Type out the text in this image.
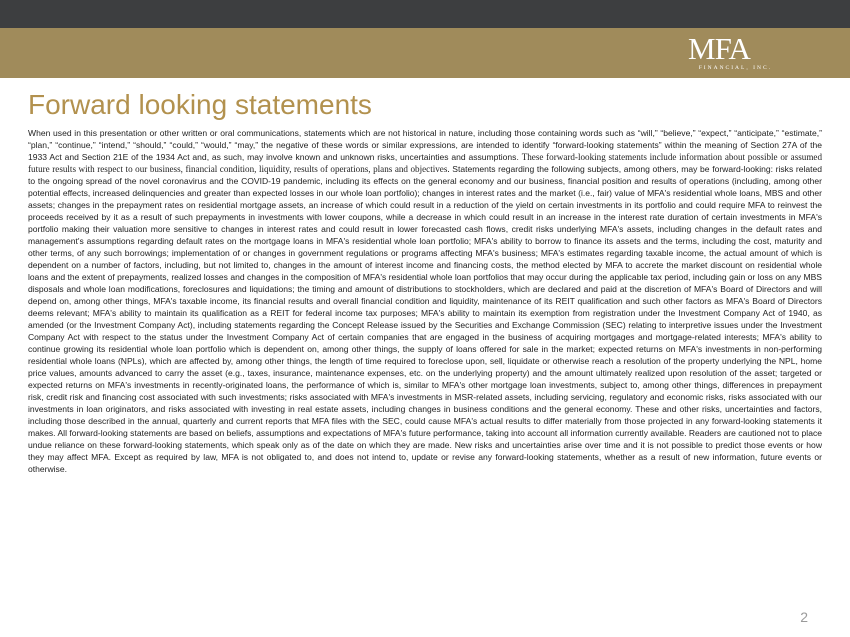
MFA
FINANCIAL, INC.
Forward looking statements

When used in this presentation or other written or oral communications, statements which are not historical in nature, including those containing words such as “will,” “believe,” “expect,” “anticipate,” “estimate,” “plan,” “continue,” “intend,” “should,” “could,” “would,” “may,” the negative of these words or similar expressions, are intended to identify “forward-looking statements” within the meaning of Section 27A of the 1933 Act and Section 21E of the 1934 Act and, as such, may involve known and unknown risks, uncertainties and assumptions. These forward-looking statements include information about possible or assumed future results with respect to our business, financial condition, liquidity, results of operations, plans and objectives. Statements regarding the following subjects, among others, may be forward-looking: risks related to the ongoing spread of the novel coronavirus and the COVID-19 pandemic, including its effects on the general economy and our business, financial position and results of operations (including, among other potential effects, increased delinquencies and greater than expected losses in our whole loan portfolio); changes in interest rates and the market (i.e., fair) value of MFA's residential whole loans, MBS and other assets; changes in the prepayment rates on residential mortgage assets, an increase of which could result in a reduction of the yield on certain investments in its portfolio and could require MFA to reinvest the proceeds received by it as a result of such prepayments in investments with lower coupons, while a decrease in which could result in an increase in the interest rate duration of certain investments in MFA's portfolio making their valuation more sensitive to changes in interest rates and could result in lower forecasted cash flows, credit risks underlying MFA's assets, including changes in the default rates and management's assumptions regarding default rates on the mortgage loans in MFA's residential whole loan portfolio; MFA's ability to borrow to finance its assets and the terms, including the cost, maturity and other terms, of any such borrowings; implementation of or changes in government regulations or programs affecting MFA's business; MFA's estimates regarding taxable income, the actual amount of which is dependent on a number of factors, including, but not limited to, changes in the amount of interest income and financing costs, the method elected by MFA to accrete the market discount on residential whole loans and the extent of prepayments, realized losses and changes in the composition of MFA's residential whole loan portfolios that may occur during the applicable tax period, including gain or loss on any MBS disposals and whole loan modifications, foreclosures and liquidations; the timing and amount of distributions to stockholders, which are declared and paid at the discretion of MFA's Board of Directors and will depend on, among other things, MFA's taxable income, its financial results and overall financial condition and liquidity, maintenance of its REIT qualification and such other factors as MFA's Board of Directors deems relevant; MFA's ability to maintain its qualification as a REIT for federal income tax purposes; MFA's ability to maintain its exemption from registration under the Investment Company Act of 1940, as amended (or the Investment Company Act), including statements regarding the Concept Release issued by the Securities and Exchange Commission (SEC) relating to interpretive issues under the Investment Company Act with respect to the status under the Investment Company Act of certain companies that are engaged in the business of acquiring mortgages and mortgage-related interests; MFA's ability to continue growing its residential whole loan portfolio which is dependent on, among other things, the supply of loans offered for sale in the market; expected returns on MFA's investments in non-performing residential whole loans (NPLs), which are affected by, among other things, the length of time required to foreclose upon, sell, liquidate or otherwise reach a resolution of the property underlying the NPL, home price values, amounts advanced to carry the asset (e.g., taxes, insurance, maintenance expenses, etc. on the underlying property) and the amount ultimately realized upon resolution of the asset; targeted or expected returns on MFA's investments in recently-originated loans, the performance of which is, similar to MFA's other mortgage loan investments, subject to, among other things, differences in prepayment risk, credit risk and financing cost associated with such investments; risks associated with MFA's investments in MSR-related assets, including servicing, regulatory and economic risks, risks associated with our investments in loan originators, and risks associated with investing in real estate assets, including changes in business conditions and the general economy. These and other risks, uncertainties and factors, including those described in the annual, quarterly and current reports that MFA files with the SEC, could cause MFA's actual results to differ materially from those projected in any forward-looking statements it makes. All forward-looking statements are based on beliefs, assumptions and expectations of MFA's future performance, taking into account all information currently available. Readers are cautioned not to place undue reliance on these forward-looking statements, which speak only as of the date on which they are made. New risks and uncertainties arise over time and it is not possible to predict those events or how they may affect MFA. Except as required by law, MFA is not obligated to, and does not intend to, update or revise any forward-looking statements, whether as a result of new information, future events or otherwise.

2
